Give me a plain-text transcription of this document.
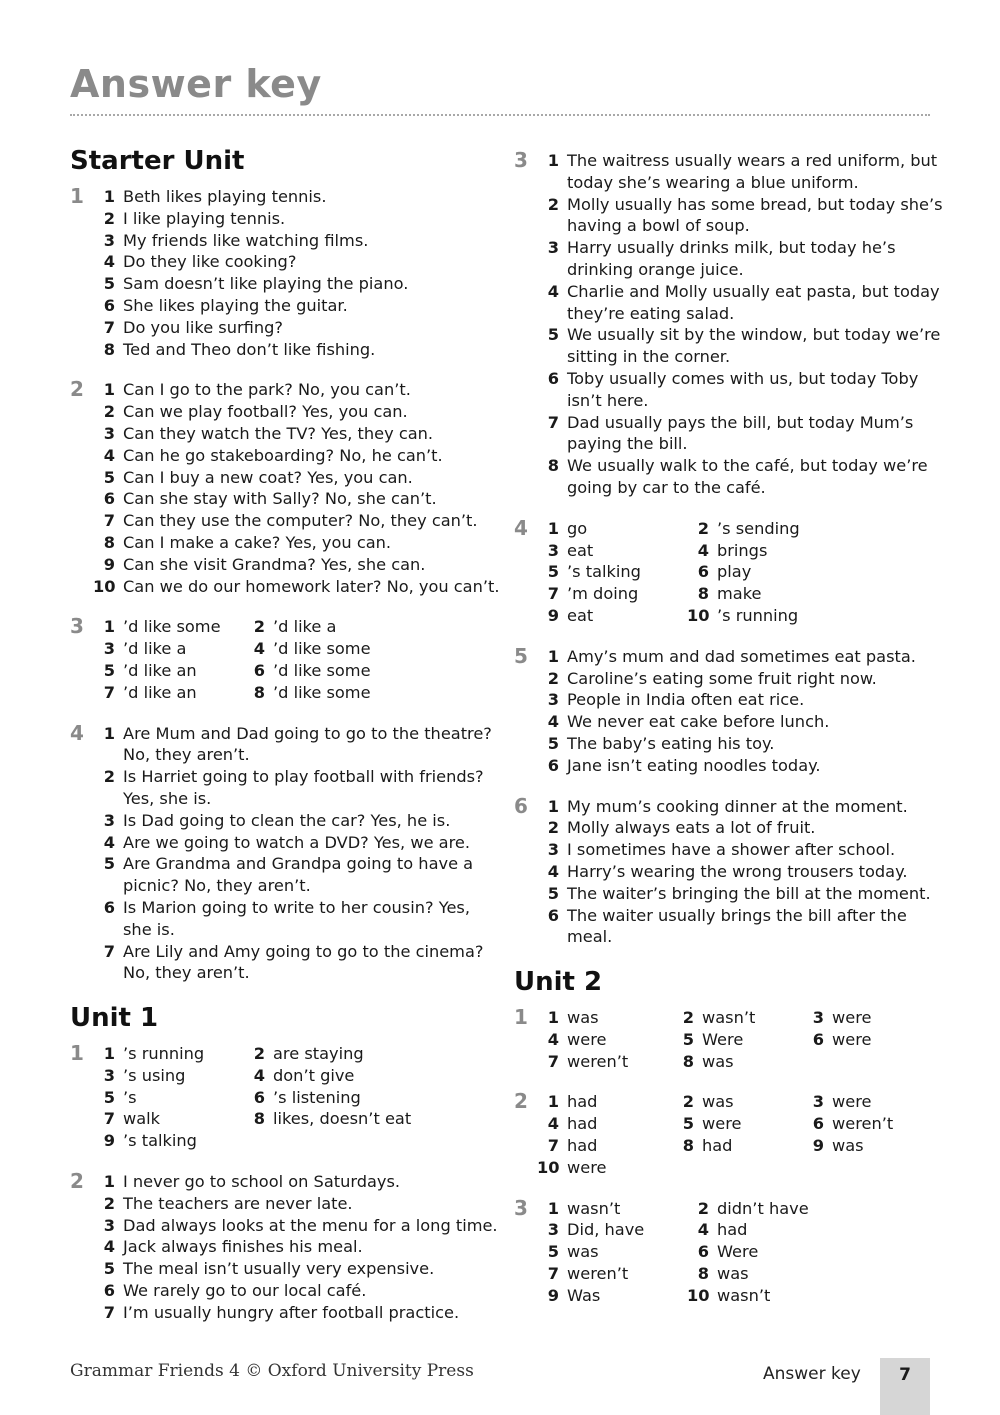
Answer key
Starter Unit
1	1 Beth likes playing tennis.
2 I like playing tennis.
3 My friends like watching films.
4 Do they like cooking?
5 Sam doesn’t like playing the piano.
6 She likes playing the guitar.
7 Do you like surfing?
8 Ted and Theo don’t like fishing.
2	1 Can I go to the park? No, you can’t.
2 Can we play football? Yes, you can.
3 Can they watch the TV? Yes, they can.
4 Can he go stakeboarding? No, he can’t.
5 Can I buy a new coat? Yes, you can.
6 Can she stay with Sally? No, she can’t.
7 Can they use the computer? No, they can’t.
8 Can I make a cake? Yes, you can.
9 Can she visit Grandma? Yes, she can.
10 Can we do our homework later? No, you can’t.
3	1 ’d like some	2 ’d like a
3 ’d like a	4 ’d like some
5 ’d like an	6 ’d like some
7 ’d like an	8 ’d like some
4	1 Are Mum and Dad going to go to the theatre? No, they aren’t.
2 Is Harriet going to play football with friends? Yes, she is.
3 Is Dad going to clean the car? Yes, he is.
4 Are we going to watch a DVD? Yes, we are.
5 Are Grandma and Grandpa going to have a picnic? No, they aren’t.
6 Is Marion going to write to her cousin? Yes, she is.
7 Are Lily and Amy going to go to the cinema? No, they aren’t.
Unit 1
1	1 ’s running	2 are staying
3 ’s using	4 don’t give
5 ’s	6 ’s listening
7 walk	8 likes, doesn’t eat
9 ’s talking
2	1 I never go to school on Saturdays.
2 The teachers are never late.
3 Dad always looks at the menu for a long time.
4 Jack always finishes his meal.
5 The meal isn’t usually very expensive.
6 We rarely go to our local café.
7 I’m usually hungry after football practice.
3	1 The waitress usually wears a red uniform, but today she’s wearing a blue uniform.
2 Molly usually has some bread, but today she’s having a bowl of soup.
3 Harry usually drinks milk, but today he’s drinking orange juice.
4 Charlie and Molly usually eat pasta, but today they’re eating salad.
5 We usually sit by the window, but today we’re sitting in the corner.
6 Toby usually comes with us, but today Toby isn’t here.
7 Dad usually pays the bill, but today Mum’s paying the bill.
8 We usually walk to the café, but today we’re going by car to the café.
4	1 go	2 ’s sending
3 eat	4 brings
5 ’s talking	6 play
7 ’m doing	8 make
9 eat	10 ’s running
5	1 Amy’s mum and dad sometimes eat pasta.
2 Caroline’s eating some fruit right now.
3 People in India often eat rice.
4 We never eat cake before lunch.
5 The baby’s eating his toy.
6 Jane isn’t eating noodles today.
6	1 My mum’s cooking dinner at the moment.
2 Molly always eats a lot of fruit.
3 I sometimes have a shower after school.
4 Harry’s wearing the wrong trousers today.
5 The waiter’s bringing the bill at the moment.
6 The waiter usually brings the bill after the meal.
Unit 2
1	1 was	2 wasn’t	3 were
4 were	5 Were	6 were
7 weren’t	8 was
2	1 had	2 was	3 were
4 had	5 were	6 weren’t
7 had	8 had	9 was
10 were
3	1 wasn’t	2 didn’t have
3 Did, have	4 had
5 was	6 Were
7 weren’t	8 was
9 Was	10 wasn’t
Grammar Friends 4 © Oxford University Press	Answer key 7
